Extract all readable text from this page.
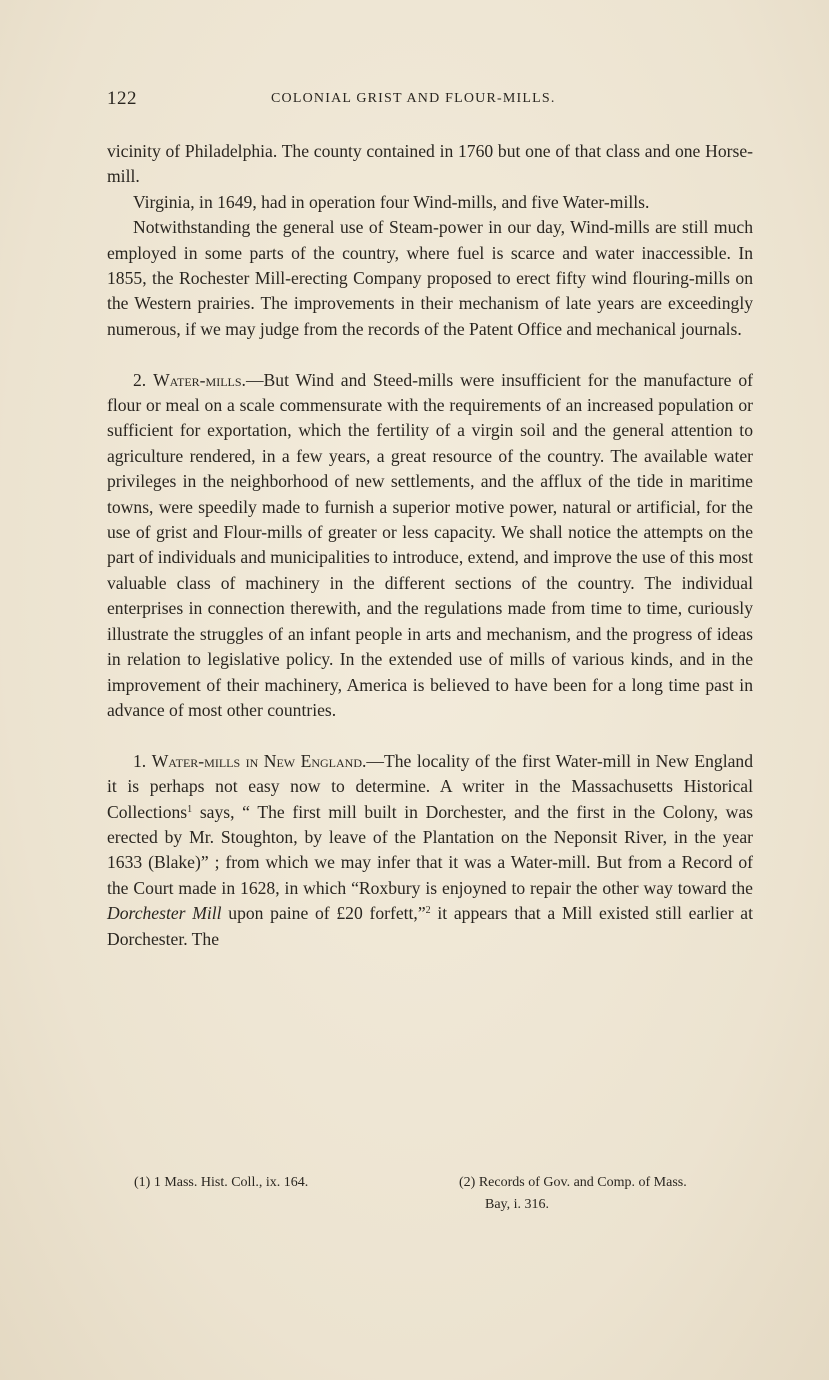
122	COLONIAL GRIST AND FLOUR-MILLS.

vicinity of Philadelphia. The county contained in 1760 but one of that class and one Horse-mill.

Virginia, in 1649, had in operation four Wind-mills, and five Water-mills.

Notwithstanding the general use of Steam-power in our day, Wind-mills are still much employed in some parts of the country, where fuel is scarce and water inaccessible. In 1855, the Rochester Mill-erecting Company proposed to erect fifty wind flouring-mills on the Western prairies. The improvements in their mechanism of late years are exceedingly numerous, if we may judge from the records of the Patent Office and mechanical journals.

2. Water-mills.—But Wind and Steed-mills were insufficient for the manufacture of flour or meal on a scale commensurate with the requirements of an increased population or sufficient for exportation, which the fertility of a virgin soil and the general attention to agriculture rendered, in a few years, a great resource of the country. The available water privileges in the neighborhood of new settlements, and the afflux of the tide in maritime towns, were speedily made to furnish a superior motive power, natural or artificial, for the use of grist and Flour-mills of greater or less capacity. We shall notice the attempts on the part of individuals and municipalities to introduce, extend, and improve the use of this most valuable class of machinery in the different sections of the country. The individual enterprises in connection therewith, and the regulations made from time to time, curiously illustrate the struggles of an infant people in arts and mechanism, and the progress of ideas in relation to legislative policy. In the extended use of mills of various kinds, and in the improvement of their machinery, America is believed to have been for a long time past in advance of most other countries.

1. Water-mills in New England.—The locality of the first Water-mill in New England it is perhaps not easy now to determine. A writer in the Massachusetts Historical Collections$^1$ says, “ The first mill built in Dorchester, and the first in the Colony, was erected by Mr. Stoughton, by leave of the Plantation on the Neponsit River, in the year 1633 (Blake)” ; from which we may infer that it was a Water-mill. But from a Record of the Court made in 1628, in which “Roxbury is enjoyned to repair the other way toward the Dorchester Mill upon paine of £20 forfett,”$^2$ it appears that a Mill existed still earlier at Dorchester. The

(1) 1 Mass. Hist. Coll., ix. 164.	(2) Records of Gov. and Comp. of Mass.
Bay, i. 316.
